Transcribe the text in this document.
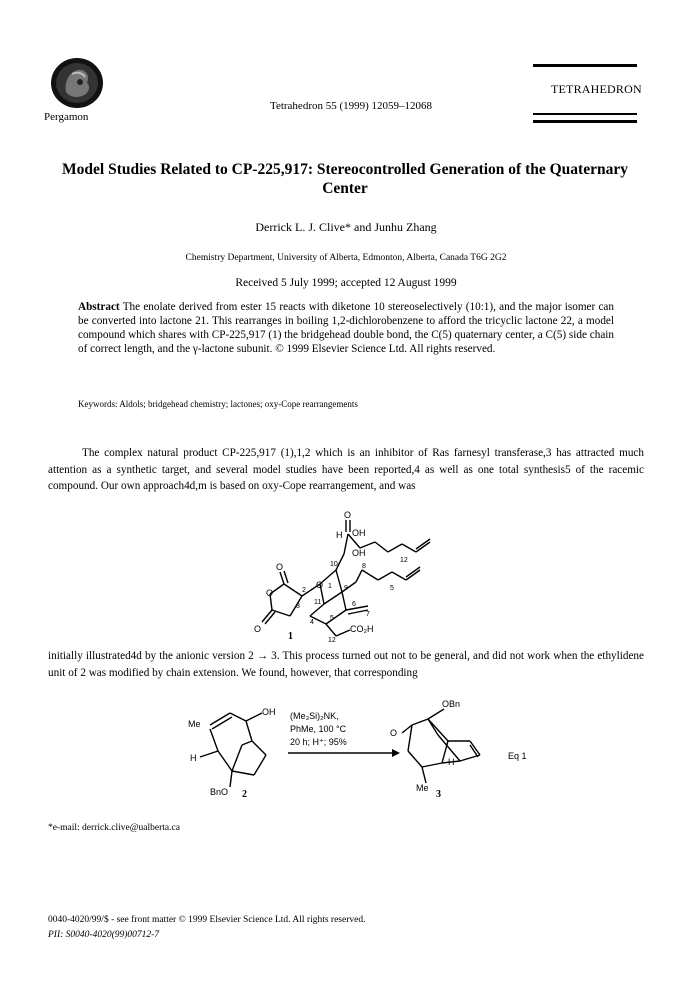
Pergamon
Tetrahedron 55 (1999) 12059–12068
TETRAHEDRON
Model Studies Related to CP-225,917: Stereocontrolled Generation of the Quaternary Center
Derrick L. J. Clive* and Junhu Zhang
Chemistry Department, University of Alberta, Edmonton, Alberta, Canada T6G 2G2
Received 5 July 1999; accepted 12 August 1999
Abstract The enolate derived from ester 15 reacts with diketone 10 stereoselectively (10:1), and the major isomer can be converted into lactone 21. This rearranges in boiling 1,2-dichlorobenzene to afford the tricyclic lactone 22, a model compound which shares with CP-225,917 (1) the bridgehead double bond, the C(5) quaternary center, a C(5) side chain of correct length, and the γ-lactone subunit. © 1999 Elsevier Science Ltd. All rights reserved.
Keywords: Aldols; bridgehead chemistry; lactones; oxy-Cope rearrangements
The complex natural product CP-225,917 (1),1,2 which is an inhibitor of Ras farnesyl transferase,3 has attracted much attention as a synthetic target, and several model studies have been reported,4 as well as one total synthesis5 of the racemic compound. Our own approach4d,m is based on oxy-Cope rearrangement, and was
O
H OH
OH
10
12
O
O
O
O
2
1
11
3
9
8
6
7
4
5
5
12
CO₂H
1
initially illustrated4d by the anionic version 2 → 3. This process turned out not to be general, and did not work when the ethylidene unit of 2 was modified by chain extension. We found, however, that corresponding
OH
Me
H
BnO
OBn
O
H
Me
(Me₃Si)₂NK,
PhMe, 100 °C
20 h; H⁺; 95%
Eq 1
2	3
*e-mail: derrick.clive@ualberta.ca
0040-4020/99/$ - see front matter © 1999 Elsevier Science Ltd. All rights reserved.
PII: S0040-4020(99)00712-7
